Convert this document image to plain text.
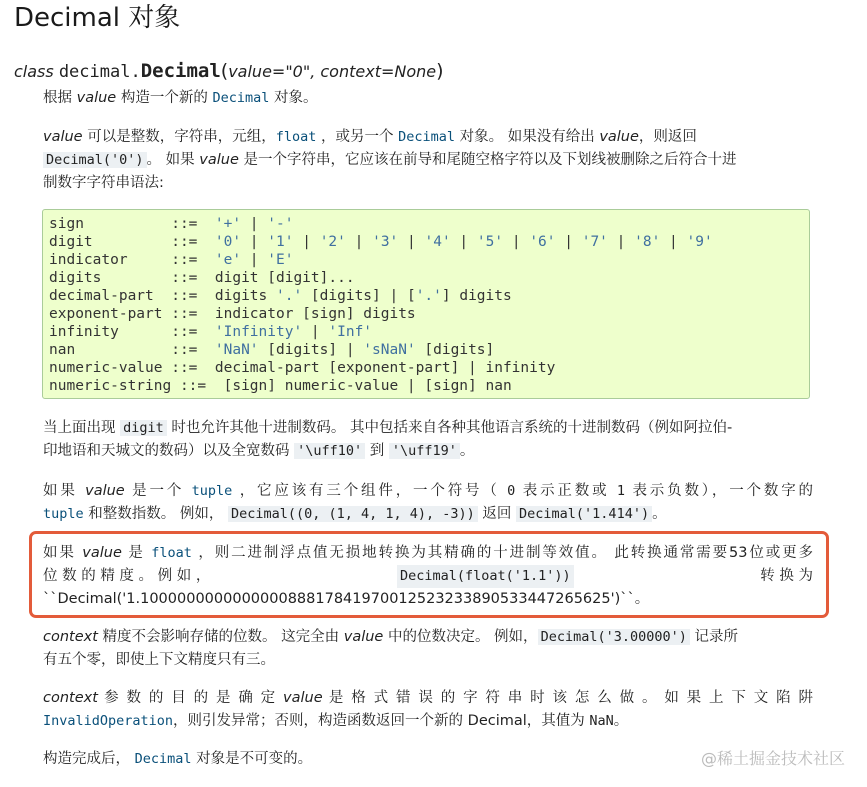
Decimal 对象
class decimal.Decimal(value="0", context=None)
根据 value 构造一个新的 Decimal 对象。
value 可以是整数，字符串，元组，float ，或另一个 Decimal 对象。 如果没有给出 value，则返回
Decimal('0') 。 如果 value 是一个字符串，它应该在前导和尾随空格字符以及下划线被删除之后符合十进
制数字字符串语法:
sign          ::=  '+' | '-'
digit         ::=  '0' | '1' | '2' | '3' | '4' | '5' | '6' | '7' | '8' | '9'
indicator     ::=  'e' | 'E'
digits        ::=  digit [digit]...
decimal-part  ::=  digits '.' [digits] | ['.'] digits
exponent-part ::=  indicator [sign] digits
infinity      ::=  'Infinity' | 'Inf'
nan           ::=  'NaN' [digits] | 'sNaN' [digits]
numeric-value ::=  decimal-part [exponent-part] | infinity
numeric-string ::=  [sign] numeric-value | [sign] nan
当上面出现 digit 时也允许其他十进制数码。 其中包括来自各种其他语言系统的十进制数码（例如阿拉伯-
印地语和天城文的数码）以及全宽数码 '\uff10' 到 '\uff19' 。
如果 value 是一个 tuple ，它应该有三个组件，一个符号（ 0 表示正数或 1 表示负数），一个数字的
tuple 和整数指数。 例如， Decimal((0, (1, 4, 1, 4), -3)) 返回 Decimal('1.414') 。
如果 value 是 float ，则二进制浮点值无损地转换为其精确的十进制等效值。 此转换通常需要53位或更多
位 数 的 精 度 。 例 如 ，	Decimal(float('1.1'))	转 换 为
``Decimal('1.100000000000000088817841970012523233890533447265625')``。
context 精度不会影响存储的位数。 这完全由 value 中的位数决定。 例如， Decimal('3.00000') 记录所
有五个零，即使上下文精度只有三。
context 参 数 的 目 的 是 确 定 value 是 格 式 错 误 的 字 符 串 时 该 怎 么 做 。 如 果 上 下 文 陷 阱
InvalidOperation，则引发异常；否则，构造函数返回一个新的 Decimal，其值为 NaN。
构造完成后， Decimal 对象是不可变的。	@稀土掘金技术社区
